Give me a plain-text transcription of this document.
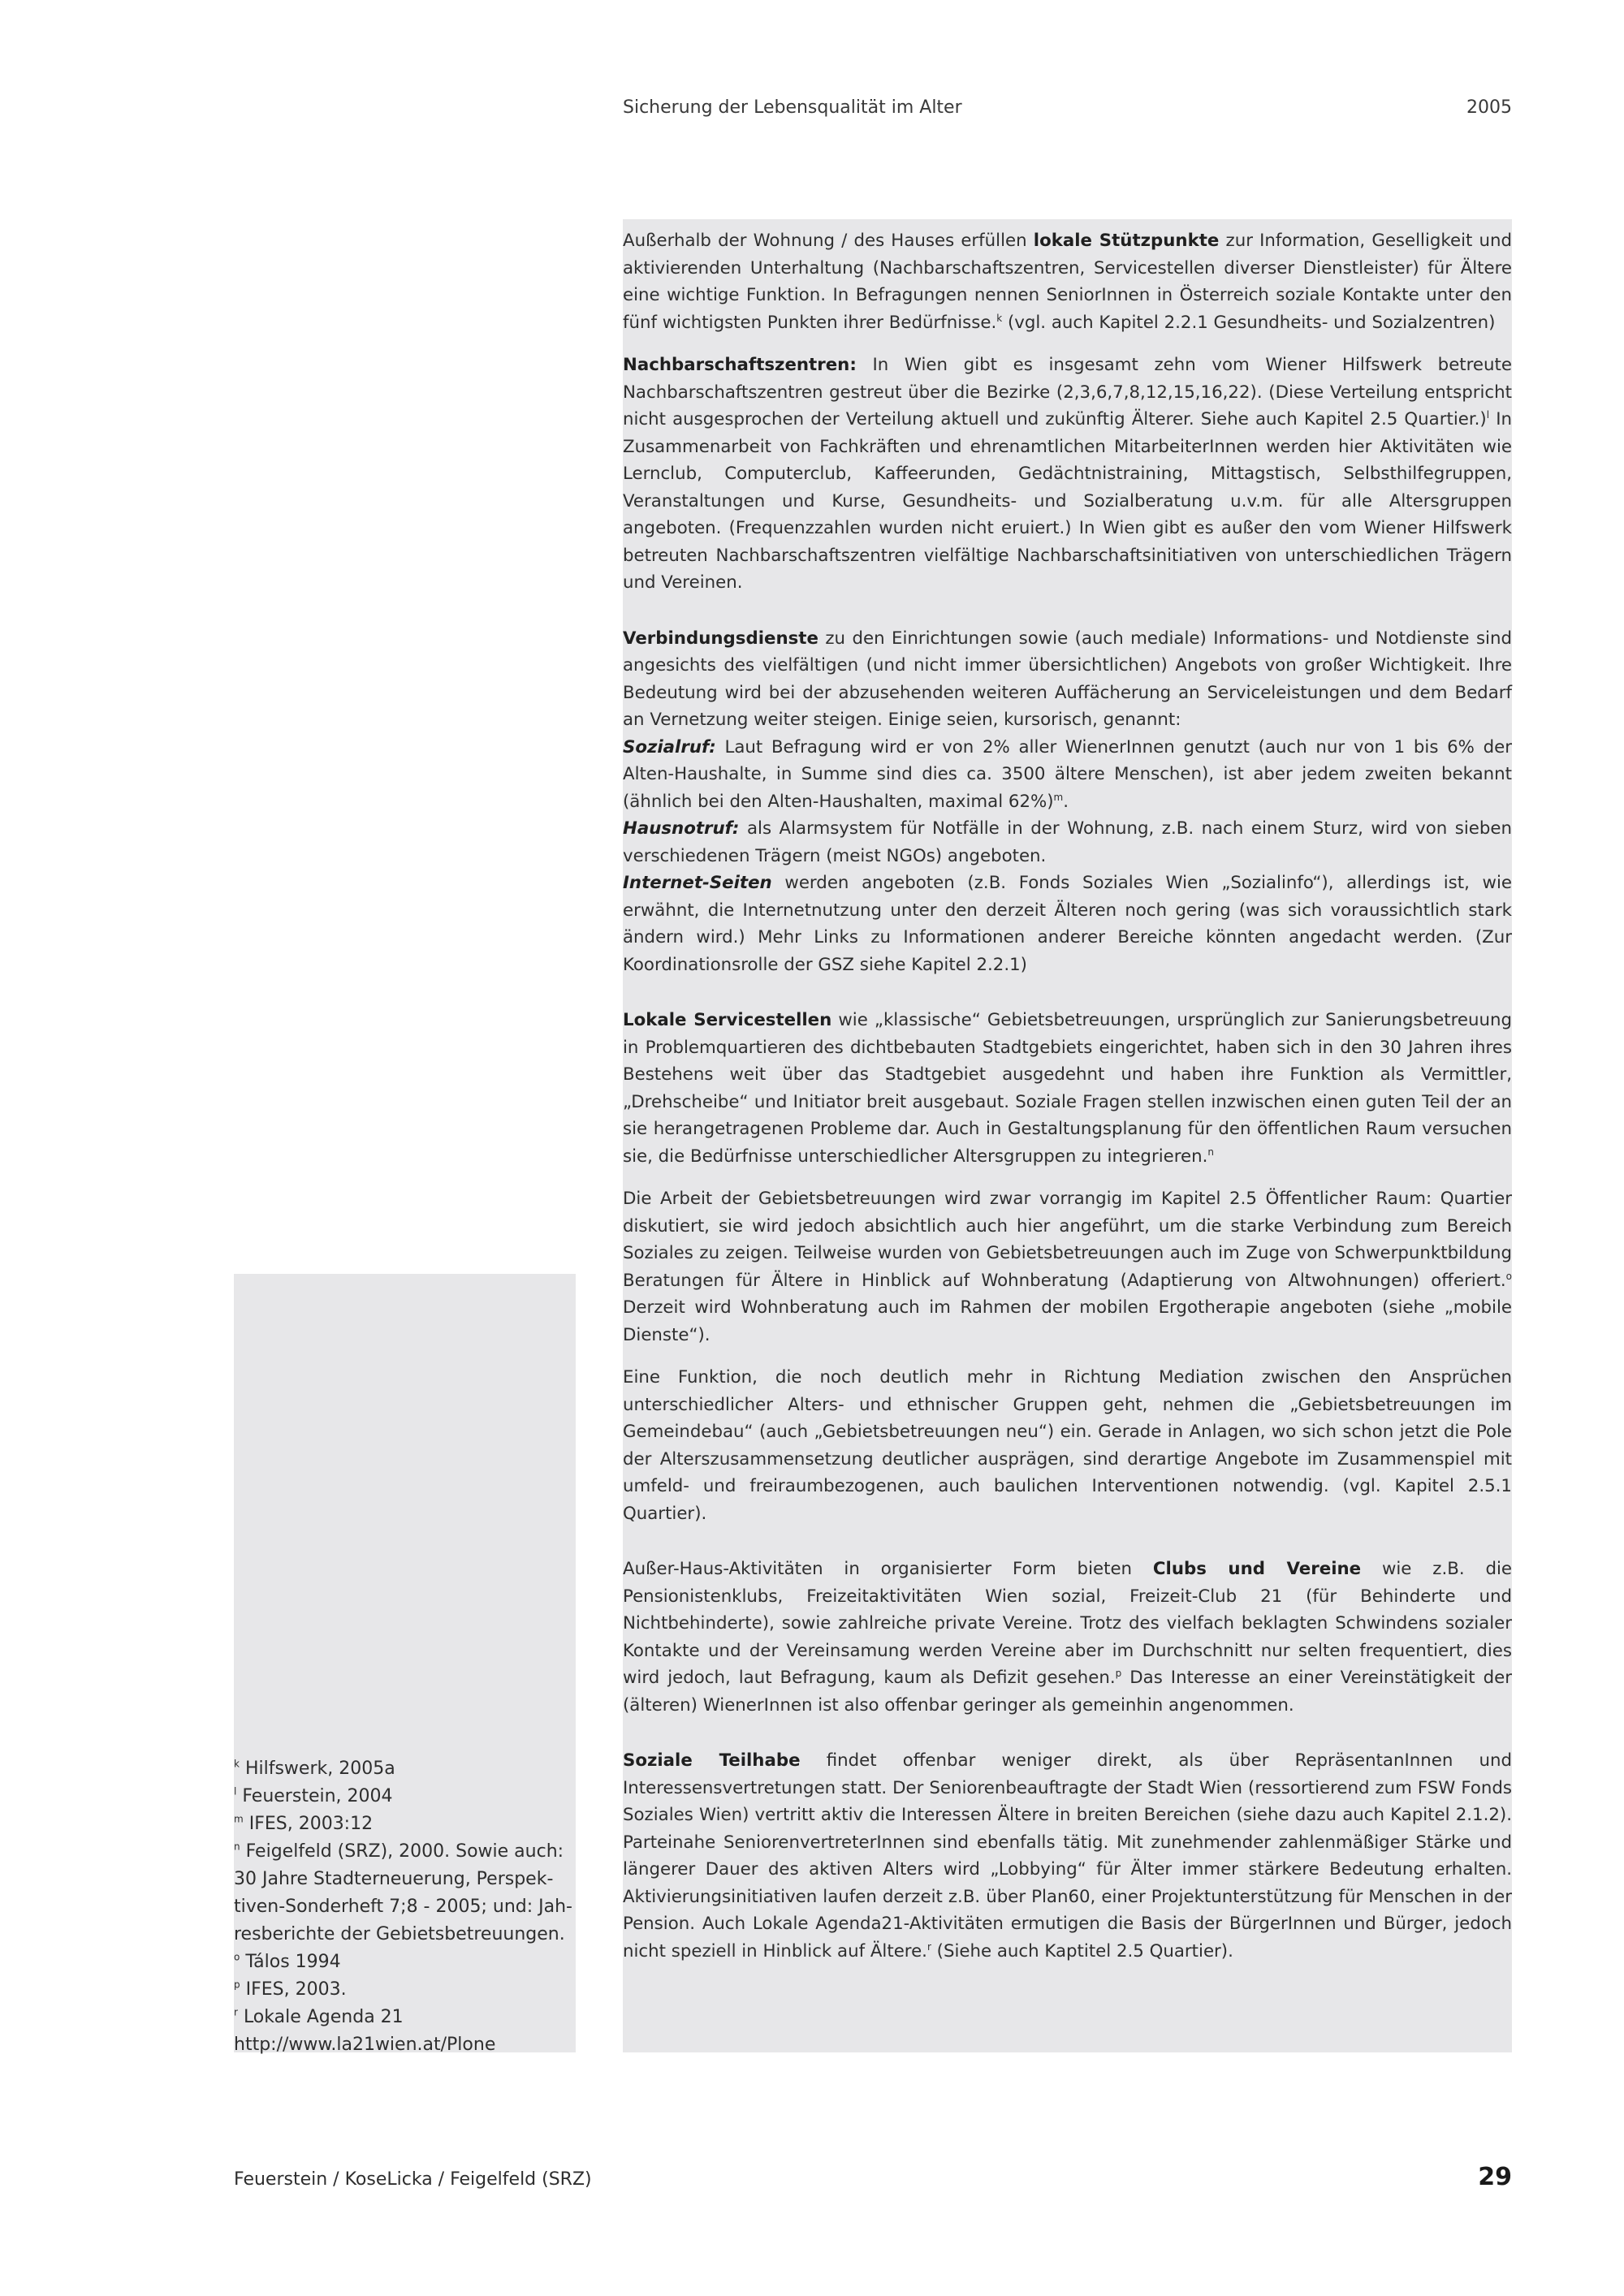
Sicherung der Lebensqualität im Alter	2005

Außerhalb der Wohnung / des Hauses erfüllen lokale Stützpunkte zur Information, Geselligkeit und aktivierenden Unterhaltung (Nachbarschaftszentren, Servicestellen diverser Dienstleister) für Ältere eine wichtige Funktion. In Befragungen nennen SeniorInnen in Österreich soziale Kontakte unter den fünf wichtigsten Punkten ihrer Bedürfnisse.$^k$ (vgl. auch Kapitel 2.2.1 Gesundheits- und Sozialzentren)

Nachbarschaftszentren: In Wien gibt es insgesamt zehn vom Wiener Hilfswerk betreute Nachbarschaftszentren gestreut über die Bezirke (2,3,6,7,8,12,15,16,22). (Diese Verteilung entspricht nicht ausgesprochen der Verteilung aktuell und zukünftig Älterer. Siehe auch Kapitel 2.5 Quartier.)$^l$ In Zusammenarbeit von Fachkräften und ehrenamtlichen MitarbeiterInnen werden hier Aktivitäten wie Lernclub, Computerclub, Kaffeerunden, Gedächtnistraining, Mittagstisch, Selbsthilfegruppen, Veranstaltungen und Kurse, Gesundheits- und Sozialberatung u.v.m. für alle Altersgruppen angeboten. (Frequenzzahlen wurden nicht eruiert.) In Wien gibt es außer den vom Wiener Hilfswerk betreuten Nachbarschaftszentren vielfältige Nachbarschaftsinitiativen von unterschiedlichen Trägern und Vereinen.

Verbindungsdienste zu den Einrichtungen sowie (auch mediale) Informations- und Notdienste sind angesichts des vielfältigen (und nicht immer übersichtlichen) Angebots von großer Wichtigkeit. Ihre Bedeutung wird bei der abzusehenden weiteren Auffächerung an Serviceleistungen und dem Bedarf an Vernetzung weiter steigen. Einige seien, kursorisch, genannt:

Sozialruf: Laut Befragung wird er von 2% aller WienerInnen genutzt (auch nur von 1 bis 6% der Alten-Haushalte, in Summe sind dies ca. 3500 ältere Menschen), ist aber jedem zweiten bekannt (ähnlich bei den Alten-Haushalten, maximal 62%)$^m$.

Hausnotruf: als Alarmsystem für Notfälle in der Wohnung, z.B. nach einem Sturz, wird von sieben verschiedenen Trägern (meist NGOs) angeboten.

Internet-Seiten werden angeboten (z.B. Fonds Soziales Wien „Sozialinfo“), allerdings ist, wie erwähnt, die Internetnutzung unter den derzeit Älteren noch gering (was sich voraussichtlich stark ändern wird.) Mehr Links zu Informationen anderer Bereiche könnten angedacht werden. (Zur Koordinationsrolle der GSZ siehe Kapitel 2.2.1)

Lokale Servicestellen wie „klassische“ Gebietsbetreuungen, ursprünglich zur Sanierungsbetreuung in Problemquartieren des dichtbebauten Stadtgebiets eingerichtet, haben sich in den 30 Jahren ihres Bestehens weit über das Stadtgebiet ausgedehnt und haben ihre Funktion als Vermittler, „Drehscheibe“ und Initiator breit ausgebaut. Soziale Fragen stellen inzwischen einen guten Teil der an sie herangetragenen Probleme dar. Auch in Gestaltungsplanung für den öffentlichen Raum versuchen sie, die Bedürfnisse unterschiedlicher Altersgruppen zu integrieren.$^n$

Die Arbeit der Gebietsbetreuungen wird zwar vorrangig im Kapitel 2.5 Öffentlicher Raum: Quartier diskutiert, sie wird jedoch absichtlich auch hier angeführt, um die starke Verbindung zum Bereich Soziales zu zeigen. Teilweise wurden von Gebietsbetreuungen auch im Zuge von Schwerpunktbildung Beratungen für Ältere in Hinblick auf Wohnberatung (Adaptierung von Altwohnungen) offeriert.$^o$ Derzeit wird Wohnberatung auch im Rahmen der mobilen Ergotherapie angeboten (siehe „mobile Dienste“).

Eine Funktion, die noch deutlich mehr in Richtung Mediation zwischen den Ansprüchen unterschiedlicher Alters- und ethnischer Gruppen geht, nehmen die „Gebietsbetreuungen im Gemeindebau“ (auch „Gebietsbetreuungen neu“) ein. Gerade in Anlagen, wo sich schon jetzt die Pole der Alterszusammensetzung deutlicher ausprägen, sind derartige Angebote im Zusammenspiel mit umfeld- und freiraumbezogenen, auch baulichen Interventionen notwendig. (vgl. Kapitel 2.5.1 Quartier).

Außer-Haus-Aktivitäten in organisierter Form bieten Clubs und Vereine wie z.B. die Pensionistenklubs, Freizeitaktivitäten Wien sozial, Freizeit-Club 21 (für Behinderte und Nichtbehinderte), sowie zahlreiche private Vereine. Trotz des vielfach beklagten Schwindens sozialer Kontakte und der Vereinsamung werden Vereine aber im Durchschnitt nur selten frequentiert, dies wird jedoch, laut Befragung, kaum als Defizit gesehen.$^p$ Das Interesse an einer Vereinstätigkeit der (älteren) WienerInnen ist also offenbar geringer als gemeinhin angenommen.

Soziale Teilhabe findet offenbar weniger direkt, als über RepräsentanInnen und Interessensvertretungen statt. Der Seniorenbeauftragte der Stadt Wien (ressortierend zum FSW Fonds Soziales Wien) vertritt aktiv die Interessen Ältere in breiten Bereichen (siehe dazu auch Kapitel 2.1.2). Parteinahe SeniorenvertreterInnen sind ebenfalls tätig. Mit zunehmender zahlenmäßiger Stärke und längerer Dauer des aktiven Alters wird „Lobbying“ für Älter immer stärkere Bedeutung erhalten. Aktivierungsinitiativen laufen derzeit z.B. über Plan60, einer Projektunterstützung für Menschen in der Pension. Auch Lokale Agenda21-Aktivitäten ermutigen die Basis der BürgerInnen und Bürger, jedoch nicht speziell in Hinblick auf Ältere.$^r$ (Siehe auch Kaptitel 2.5 Quartier).

$^k$ Hilfswerk, 2005a
$^l$ Feuerstein, 2004
$^m$ IFES, 2003:12
$^n$ Feigelfeld (SRZ), 2000. Sowie auch:
30 Jahre Stadterneuerung, Perspek-
tiven-Sonderheft 7;8 - 2005; und: Jah-
resberichte der Gebietsbetreuungen.
$^o$ Tálos 1994
$^p$ IFES, 2003.
$^r$ Lokale Agenda 21
http://www.la21wien.at/Plone
Feuerstein / KoseLicka / Feigelfeld (SRZ)	29
